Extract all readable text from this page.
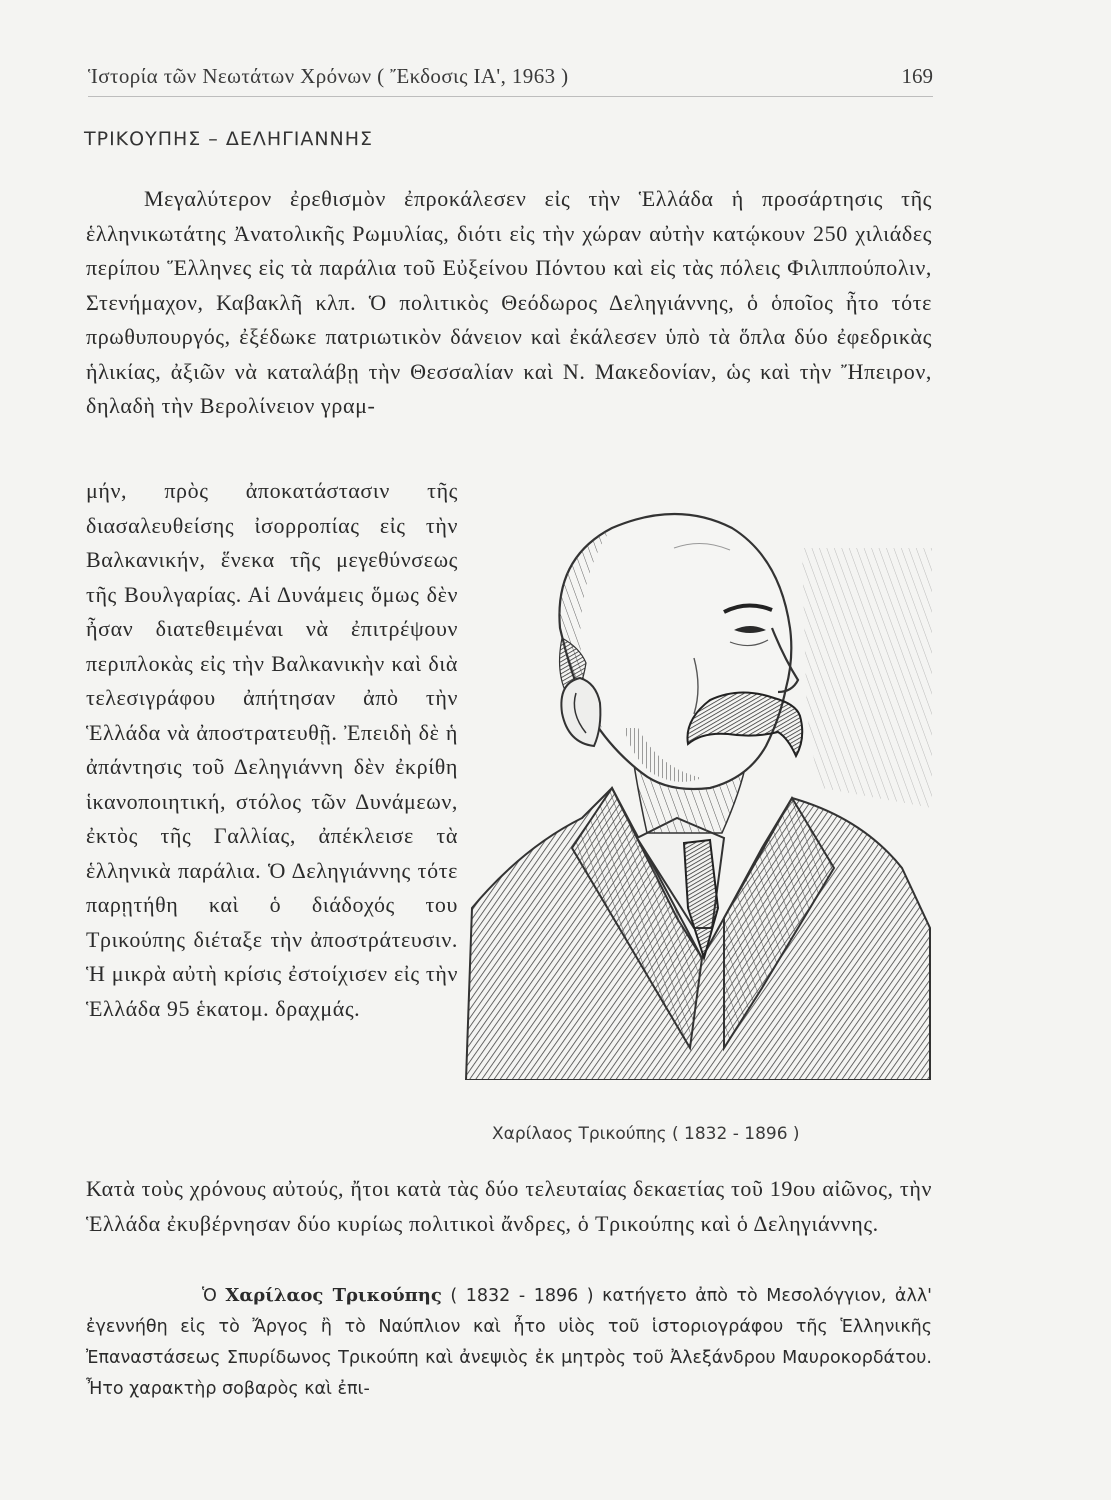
Ἱστορία τῶν Νεωτάτων Χρόνων ( Ἔκδοσις ΙΑ', 1963 )	169
ΤΡΙΚΟΥΠΗΣ – ΔΕΛΗΓΙΑΝΝΗΣ

Μεγαλύτερον ἐρεθισμὸν ἐπροκάλεσεν εἰς τὴν Ἑλλάδα ἡ προσάρτησις τῆς ἑλληνικωτάτης Ἀνατολικῆς Ρωμυλίας, διότι εἰς τὴν χώραν αὐτὴν κατῴκουν 250 χιλιάδες περίπου Ἕλληνες εἰς τὰ παράλια τοῦ Εὐξείνου Πόντου καὶ εἰς τὰς πόλεις Φιλιππούπολιν, Στενήμαχον, Καβακλῆ κλπ. Ὁ πολιτικὸς Θεόδωρος Δεληγιάννης, ὁ ὁποῖος ἦτο τότε πρωθυπουργός, ἐξέδωκε πατριωτικὸν δάνειον καὶ ἐκάλεσεν ὑπὸ τὰ ὅπλα δύο ἐφεδρικὰς ἡλικίας, ἀξιῶν νὰ καταλάβῃ τὴν Θεσσαλίαν καὶ Ν. Μακεδονίαν, ὡς καὶ τὴν Ἤπειρον, δηλαδὴ τὴν Βερολίνειον γραμ-

μήν, πρὸς ἀποκατάστασιν τῆς διασαλευθείσης ἰσορροπίας εἰς τὴν Βαλκανικήν, ἕνεκα τῆς μεγεθύνσεως τῆς Βουλγαρίας. Αἱ Δυνάμεις ὅμως δὲν ἦσαν διατεθειμέναι νὰ ἐπιτρέψουν περιπλοκὰς εἰς τὴν Βαλκανικὴν καὶ διὰ τελεσιγράφου ἀπήτησαν ἀπὸ τὴν Ἑλλάδα νὰ ἀποστρατευθῇ. Ἐπειδὴ δὲ ἡ ἀπάντησις τοῦ Δεληγιάννη δὲν ἐκρίθη ἱκανοποιητική, στόλος τῶν Δυνάμεων, ἐκτὸς τῆς Γαλλίας, ἀπέκλεισε τὰ ἑλληνικὰ παράλια. Ὁ Δεληγιάννης τότε παρῃτήθη καὶ ὁ διάδοχός του Τρικούπης διέταξε τὴν ἀποστράτευσιν. Ἡ μικρὰ αὐτὴ κρίσις ἐστοίχισεν εἰς τὴν Ἑλλάδα 95 ἑκατομ. δραχμάς.

Χαρίλαος Τρικούπης ( 1832 - 1896 )

Κατὰ τοὺς χρόνους αὐτούς, ἤτοι κατὰ τὰς δύο τελευταίας δεκαετίας τοῦ 19ου αἰῶνος, τὴν Ἑλλάδα ἐκυβέρνησαν δύο κυρίως πολιτικοὶ ἄνδρες, ὁ Τρικούπης καὶ ὁ Δεληγιάννης.

Ὁ Χαρίλαος Τρικούπης ( 1832 - 1896 ) κατήγετο ἀπὸ τὸ Μεσολόγγιον, ἀλλ' ἐγεννήθη εἰς τὸ Ἄργος ἢ τὸ Ναύπλιον καὶ ἦτο υἱὸς τοῦ ἱστοριογράφου τῆς Ἑλληνικῆς Ἐπαναστάσεως Σπυρίδωνος Τρικούπη καὶ ἀνεψιὸς ἐκ μητρὸς τοῦ Ἀλεξάνδρου Μαυροκορδάτου. Ἦτο χαρακτὴρ σοβαρὸς καὶ ἐπι-
